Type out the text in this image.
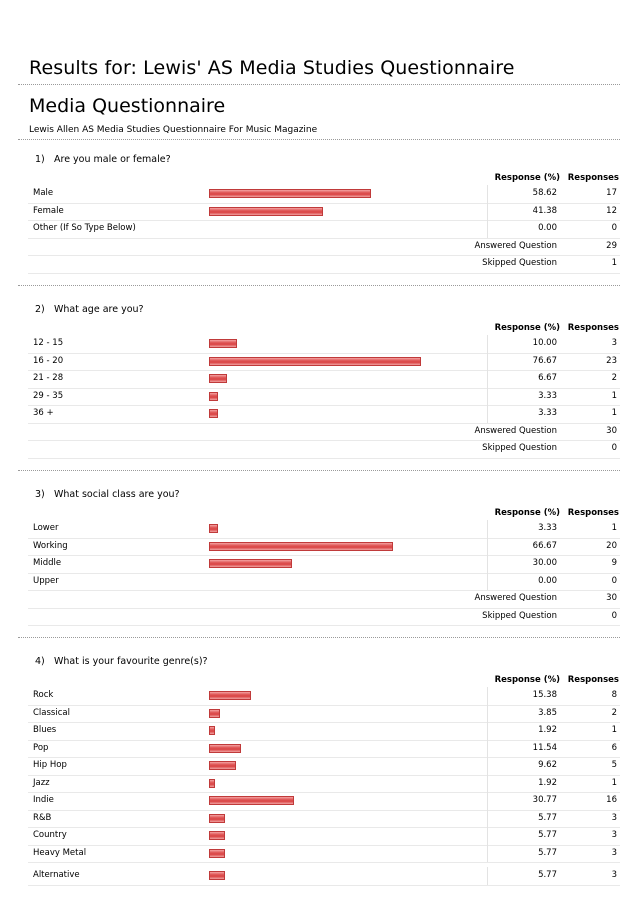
Results for: Lewis' AS Media Studies Questionnaire
Media Questionnaire
Lewis Allen AS Media Studies Questionnaire For Music Magazine
1) Are you male or female?
Response (%) Responses
Male	58.62	17
Female	41.38	12
Other (If So Type Below)	0.00	0
Answered Question	29
Skipped Question	1
2) What age are you?
Response (%) Responses
12 - 15	10.00	3
16 - 20	76.67	23
21 - 28	6.67	2
29 - 35	3.33	1
36 +	3.33	1
Answered Question	30
Skipped Question	0
3) What social class are you?
Response (%) Responses
Lower	3.33	1
Working	66.67	20
Middle	30.00	9
Upper	0.00	0
Answered Question	30
Skipped Question	0
4) What is your favourite genre(s)?
Response (%) Responses
Rock	15.38	8
Classical	3.85	2
Blues	1.92	1
Pop	11.54	6
Hip Hop	9.62	5
Jazz	1.92	1
Indie	30.77	16
R&B	5.77	3
Country	5.77	3
Heavy Metal	5.77	3
Alternative	5.77	3
